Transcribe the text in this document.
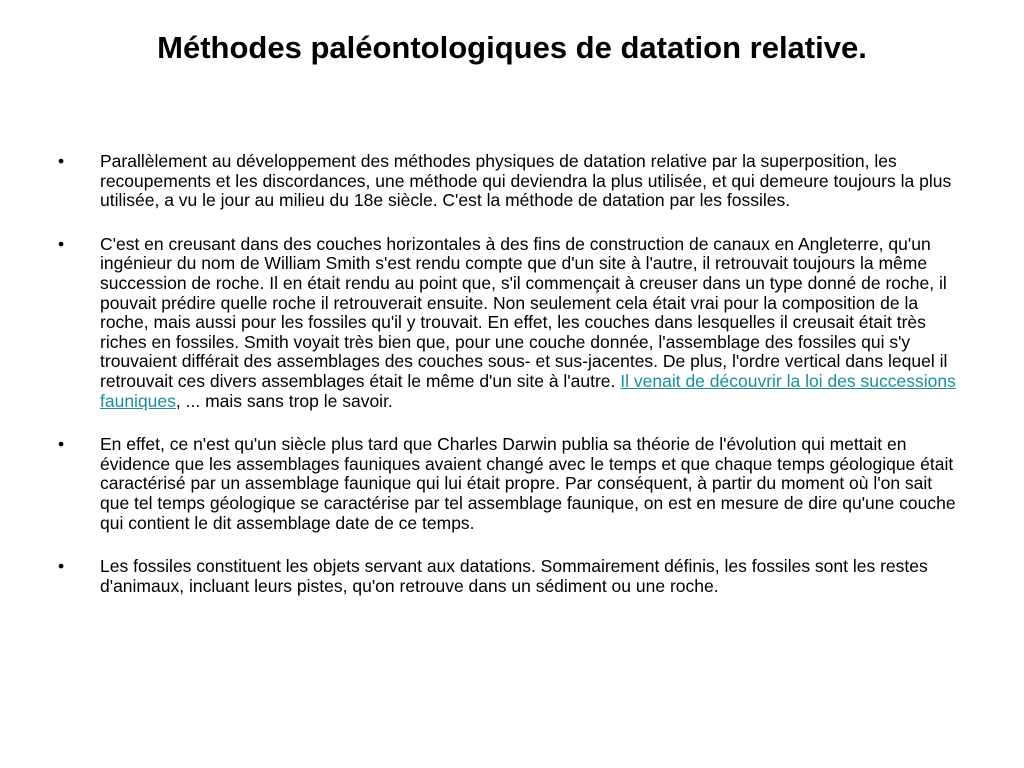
Méthodes paléontologiques de datation relative.
• Parallèlement au développement des méthodes physiques de datation relative par la superposition, les recoupements et les discordances, une méthode qui deviendra la plus utilisée, et qui demeure toujours la plus utilisée, a vu le jour au milieu du 18e siècle. C'est la méthode de datation par les fossiles.
• C'est en creusant dans des couches horizontales à des fins de construction de canaux en Angleterre, qu'un ingénieur du nom de William Smith s'est rendu compte que d'un site à l'autre, il retrouvait toujours la même succession de roche. Il en était rendu au point que, s'il commençait à creuser dans un type donné de roche, il pouvait prédire quelle roche il retrouverait ensuite. Non seulement cela était vrai pour la composition de la roche, mais aussi pour les fossiles qu'il y trouvait. En effet, les couches dans lesquelles il creusait était très riches en fossiles. Smith voyait très bien que, pour une couche donnée, l'assemblage des fossiles qui s'y trouvaient différait des assemblages des couches sous- et sus-jacentes. De plus, l'ordre vertical dans lequel il retrouvait ces divers assemblages était le même d'un site à l'autre. Il venait de découvrir la loi des successions fauniques, ... mais sans trop le savoir.
• En effet, ce n'est qu'un siècle plus tard que Charles Darwin publia sa théorie de l'évolution qui mettait en évidence que les assemblages fauniques avaient changé avec le temps et que chaque temps géologique était caractérisé par un assemblage faunique qui lui était propre. Par conséquent, à partir du moment où l'on sait que tel temps géologique se caractérise par tel assemblage faunique, on est en mesure de dire qu'une couche qui contient le dit assemblage date de ce temps.
• Les fossiles constituent les objets servant aux datations. Sommairement définis, les fossiles sont les restes d'animaux, incluant leurs pistes, qu'on retrouve dans un sédiment ou une roche.
